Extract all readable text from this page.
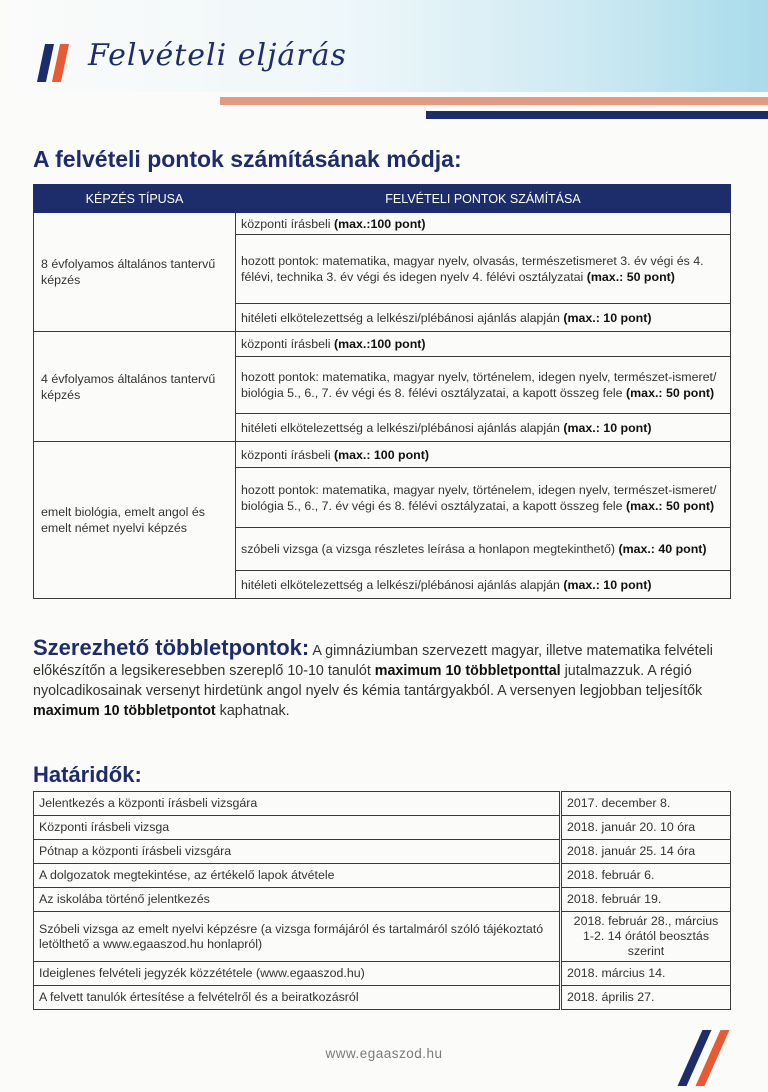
Felvételi eljárás
A felvételi pontok számításának módja:
KÉPZÉS TÍPUSA	FELVÉTELI PONTOK SZÁMÍTÁSA
8 évfolyamos általános tantervű képzés	központi írásbeli (max.:100 pont)
	hozott pontok: matematika, magyar nyelv, olvasás, természetismeret 3. év végi és 4. félévi, technika 3. év végi és idegen nyelv 4. félévi osztályzatai (max.: 50 pont)
	hitéleti elkötelezettség a lelkészi/plébánosi ajánlás alapján (max.: 10 pont)
4 évfolyamos általános tantervű képzés	központi írásbeli (max.:100 pont)
	hozott pontok: matematika, magyar nyelv, történelem, idegen nyelv, természet-ismeret/ biológia 5., 6., 7. év végi és 8. félévi osztályzatai, a kapott összeg fele (max.: 50 pont)
	hitéleti elkötelezettség a lelkészi/plébánosi ajánlás alapján (max.: 10 pont)
emelt biológia, emelt angol és emelt német nyelvi képzés	központi írásbeli (max.: 100 pont)
	hozott pontok: matematika, magyar nyelv, történelem, idegen nyelv, természet-ismeret/ biológia 5., 6., 7. év végi és 8. félévi osztályzatai, a kapott összeg fele (max.: 50 pont)
	szóbeli vizsga (a vizsga részletes leírása a honlapon megtekinthető) (max.: 40 pont)
	hitéleti elkötelezettség a lelkészi/plébánosi ajánlás alapján (max.: 10 pont)
Szerezhető többletpontok: A gimnáziumban szervezett magyar, illetve matematika felvételi előkészítőn a legsikeresebben szereplő 10-10 tanulót maximum 10 többletponttal jutalmazzuk. A régió nyolcadikosainak versenyt hirdetünk angol nyelv és kémia tantárgyakból. A versenyen legjobban teljesítők maximum 10 többletpontot kaphatnak.
Határidők:
Jelentkezés a központi írásbeli vizsgára	2017. december 8.
Központi írásbeli vizsga	2018. január 20. 10 óra
Pótnap a központi írásbeli vizsgára	2018. január 25. 14 óra
A dolgozatok megtekintése, az értékelő lapok átvétele	2018. február 6.
Az iskolába történő jelentkezés	2018. február 19.
Szóbeli vizsga az emelt nyelvi képzésre (a vizsga formájáról és tartalmáról szóló tájékoztató letölthető a www.egaaszod.hu honlapról)	2018. február 28., március 1-2. 14 órától beosztás szerint
Ideiglenes felvételi jegyzék közzététele (www.egaaszod.hu)	2018. március 14.
A felvett tanulók értesítése a felvételről és a beiratkozásról	2018. április 27.
www.egaaszod.hu
